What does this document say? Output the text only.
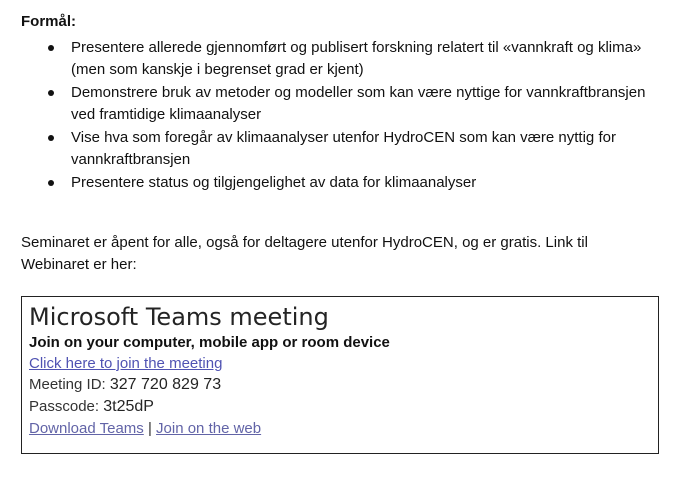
Formål:

Presentere allerede gjennomført og publisert forskning relatert til «vannkraft og klima» (men som kanskje i begrenset grad er kjent)
Demonstrere bruk av metoder og modeller som kan være nyttige for vannkraftbransjen ved framtidige klimaanalyser
Vise hva som foregår av klimaanalyser utenfor HydroCEN som kan være nyttig for vannkraftbransjen
Presentere status og tilgjengelighet av data for klimaanalyser

Seminaret er åpent for alle, også for deltagere utenfor HydroCEN, og er gratis. Link til Webinaret er her:

Microsoft Teams meeting

Join on your computer, mobile app or room device

Click here to join the meeting

Meeting ID: 327 720 829 73

Passcode: 3t25dP

Download Teams | Join on the web
